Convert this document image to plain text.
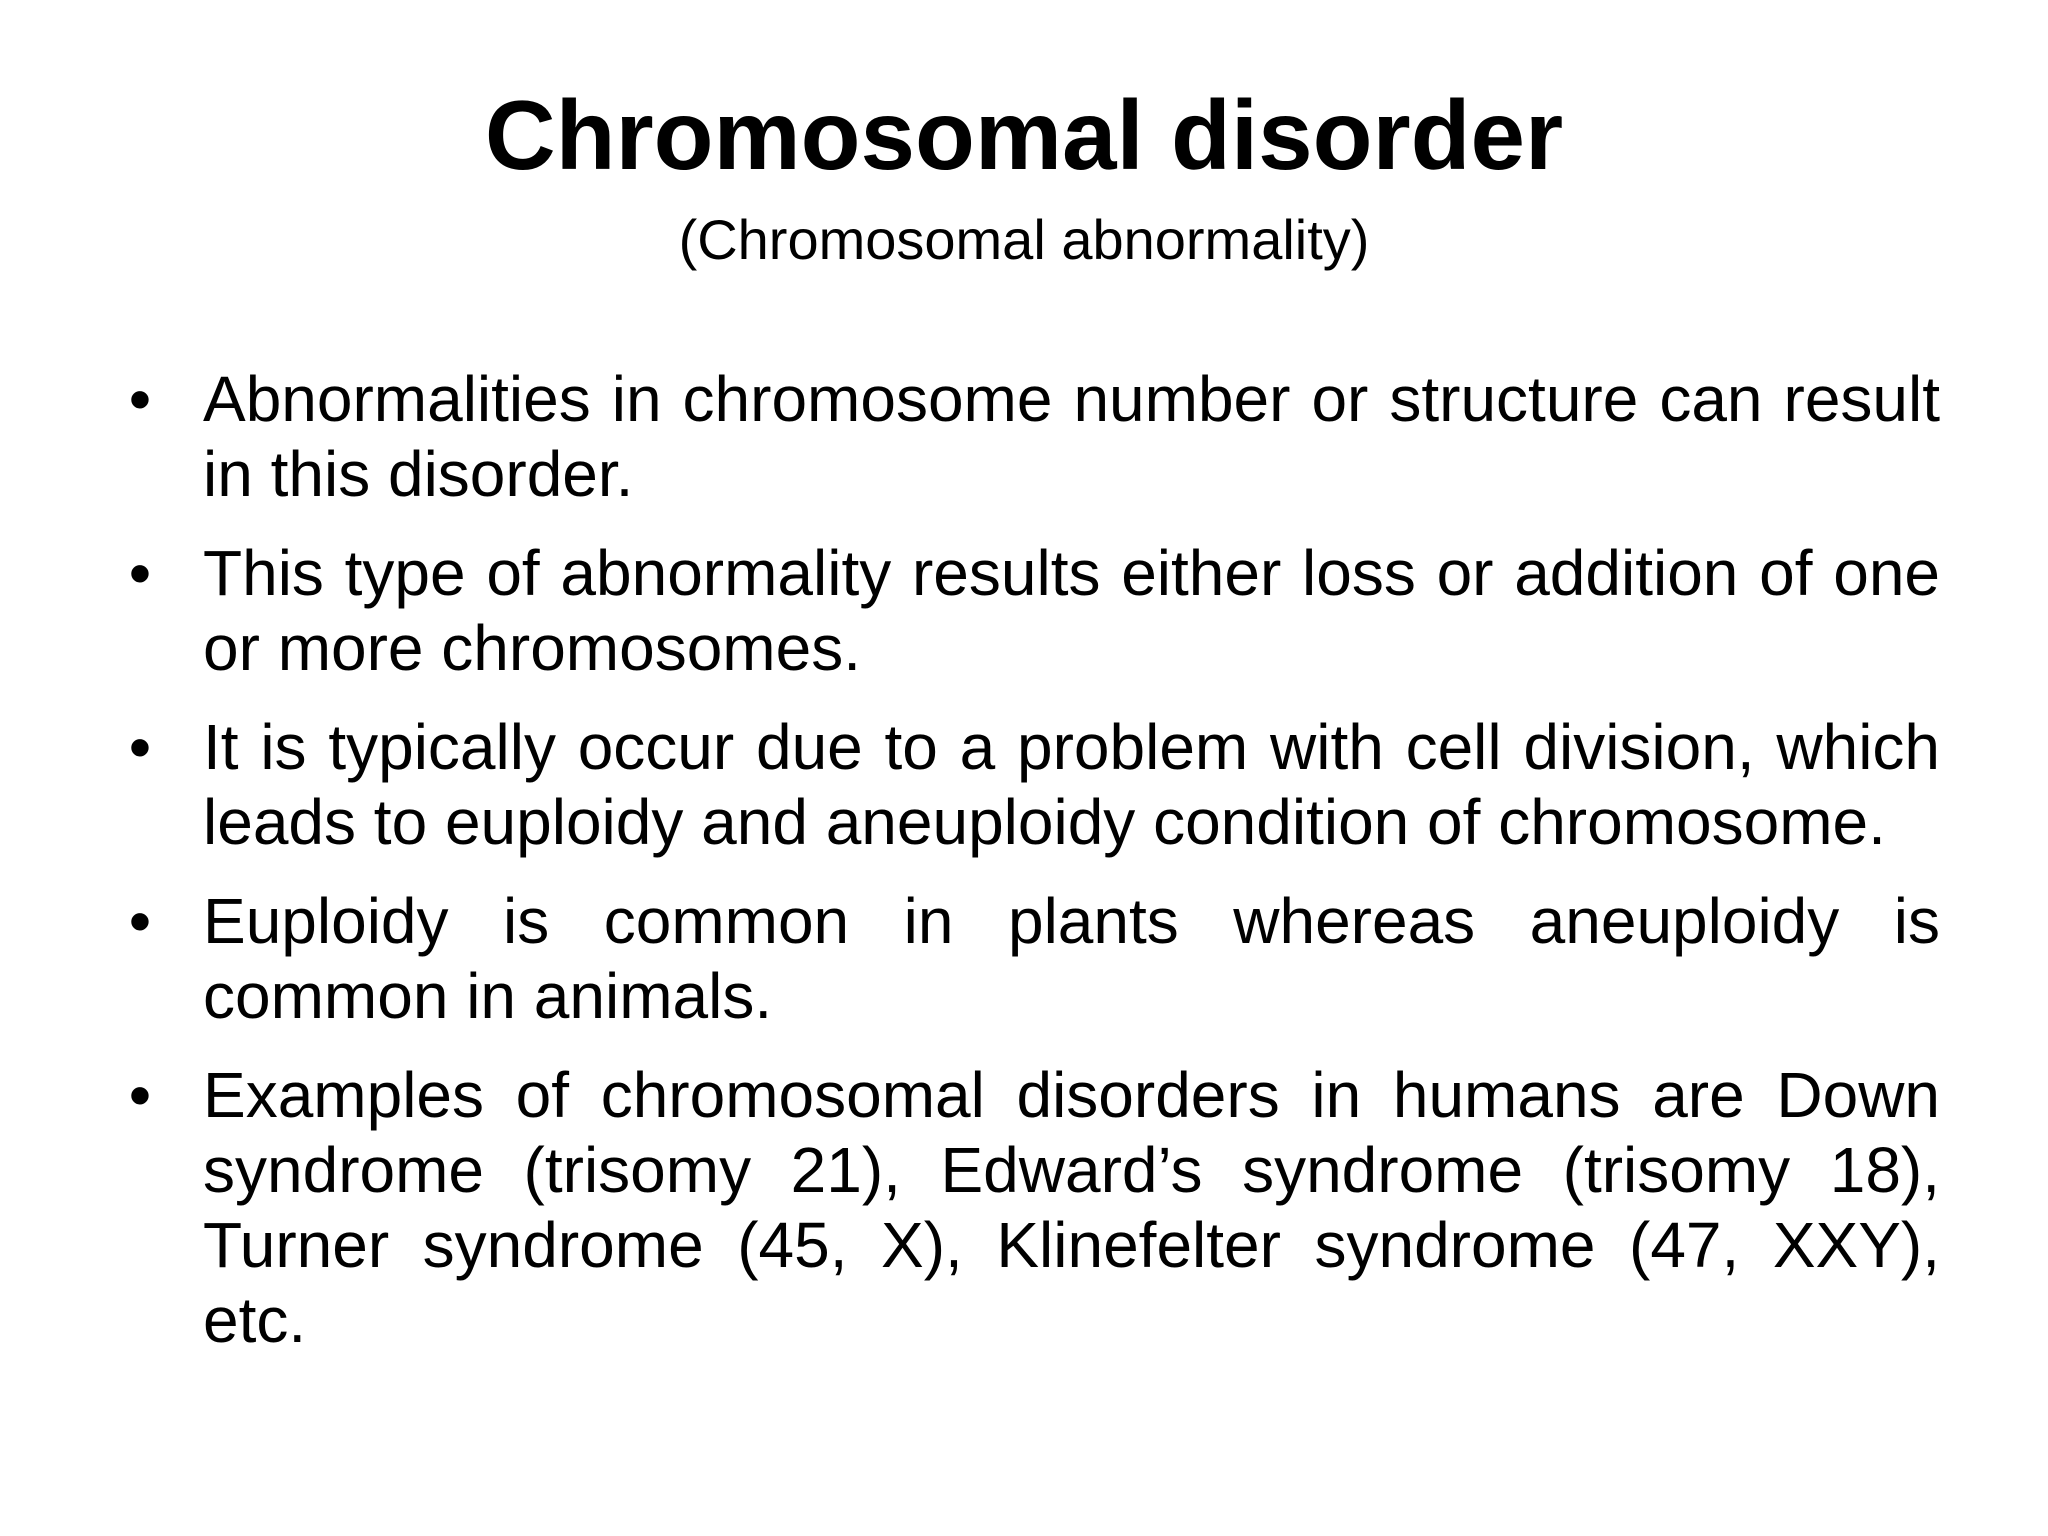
Chromosomal disorder

(Chromosomal abnormality)

• Abnormalities in chromosome number or structure can result in this disorder.
• This type of abnormality results either loss or addition of one or more chromosomes.
• It is typically occur due to a problem with cell division, which leads to euploidy and aneuploidy condition of chromosome.
• Euploidy is common in plants whereas aneuploidy is common in animals.
• Examples of chromosomal disorders in humans are Down syndrome (trisomy 21), Edward’s syndrome (trisomy 18), Turner syndrome (45, X), Klinefelter syndrome (47, XXY), etc.
